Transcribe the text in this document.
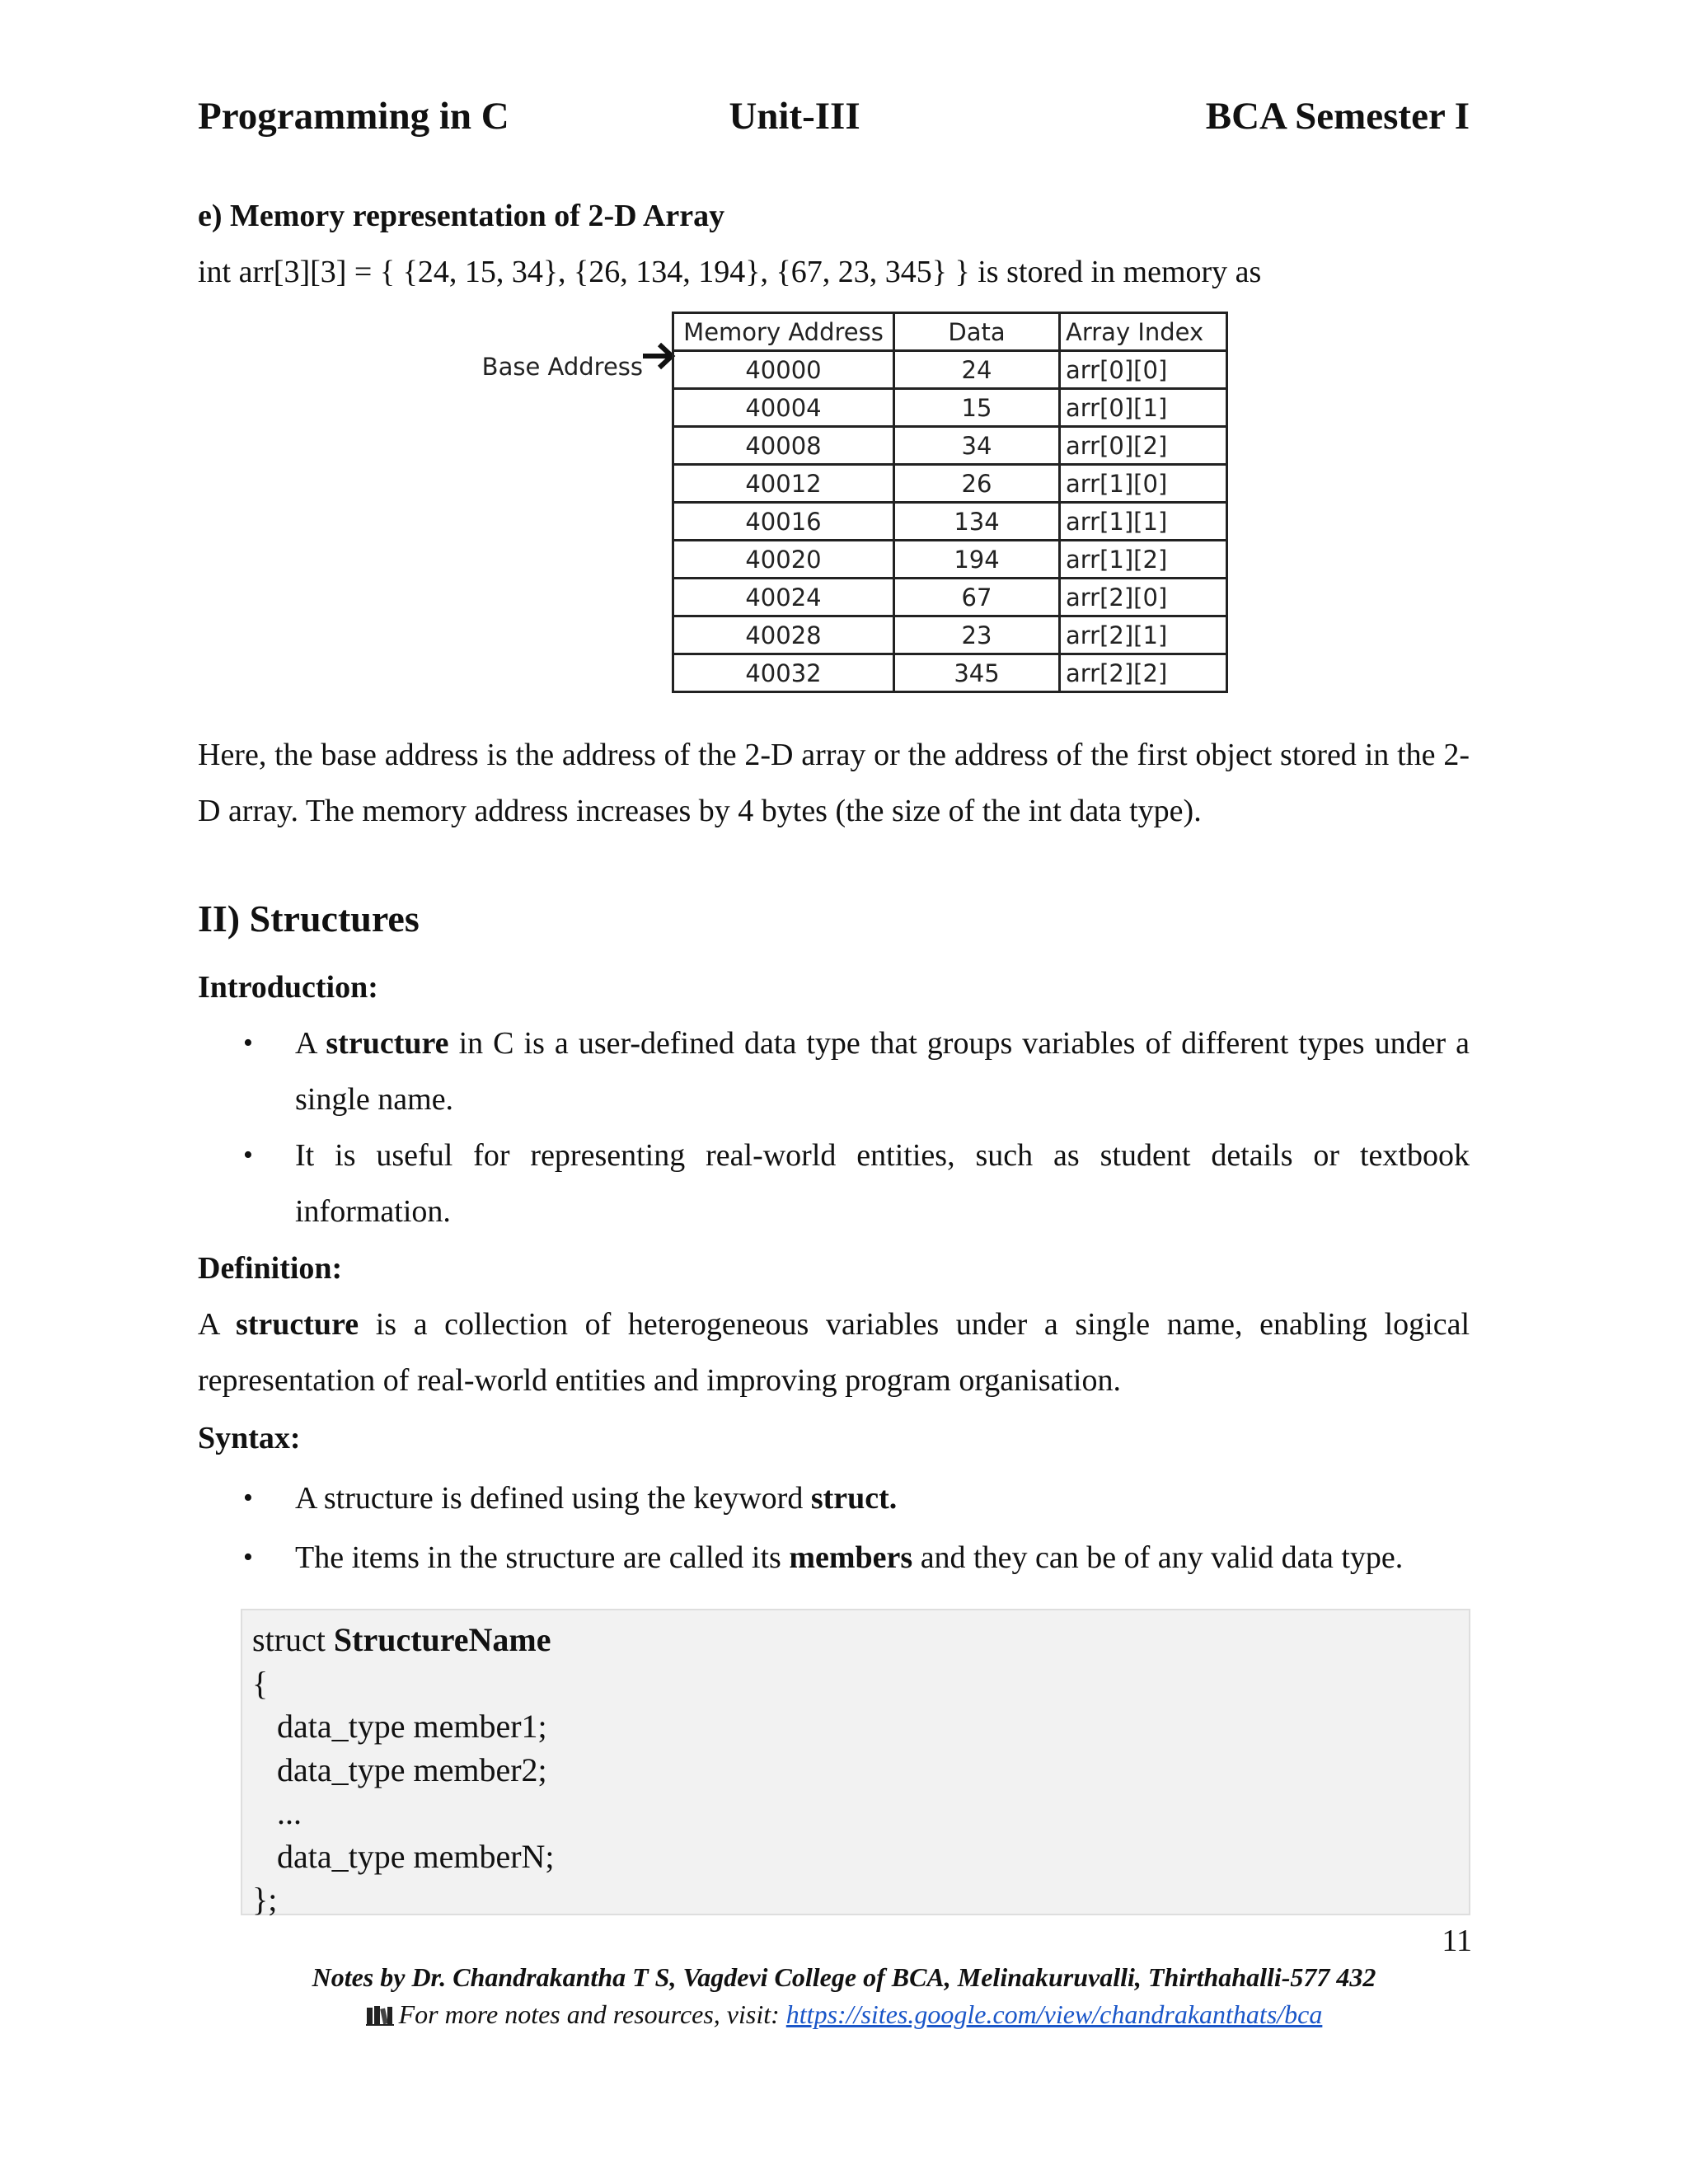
Programming in C	Unit-III	BCA Semester I
e) Memory representation of 2-D Array
int arr[3][3] = { {24, 15, 34}, {26, 134, 194}, {67, 23, 345} } is stored in memory as
Base Address
Memory Address	Data	Array Index
40000	24	arr[0][0]
40004	15	arr[0][1]
40008	34	arr[0][2]
40012	26	arr[1][0]
40016	134	arr[1][1]
40020	194	arr[1][2]
40024	67	arr[2][0]
40028	23	arr[2][1]
40032	345	arr[2][2]
Here, the base address is the address of the 2-D array or the address of the first object stored in the 2-D array. The memory address increases by 4 bytes (the size of the int data type).
II) Structures
Introduction:
• A structure in C is a user-defined data type that groups variables of different types under a single name.
• It is useful for representing real-world entities, such as student details or textbook information.
Definition:
A structure is a collection of heterogeneous variables under a single name, enabling logical representation of real-world entities and improving program organisation.
Syntax:
• A structure is defined using the keyword struct.
• The items in the structure are called its members and they can be of any valid data type.
struct StructureName
{
data_type member1;
data_type member2;
...
data_type memberN;
};
11
Notes by Dr. Chandrakantha T S, Vagdevi College of BCA, Melinakuruvalli, Thirthahalli-577 432
For more notes and resources, visit: https://sites.google.com/view/chandrakanthats/bca
